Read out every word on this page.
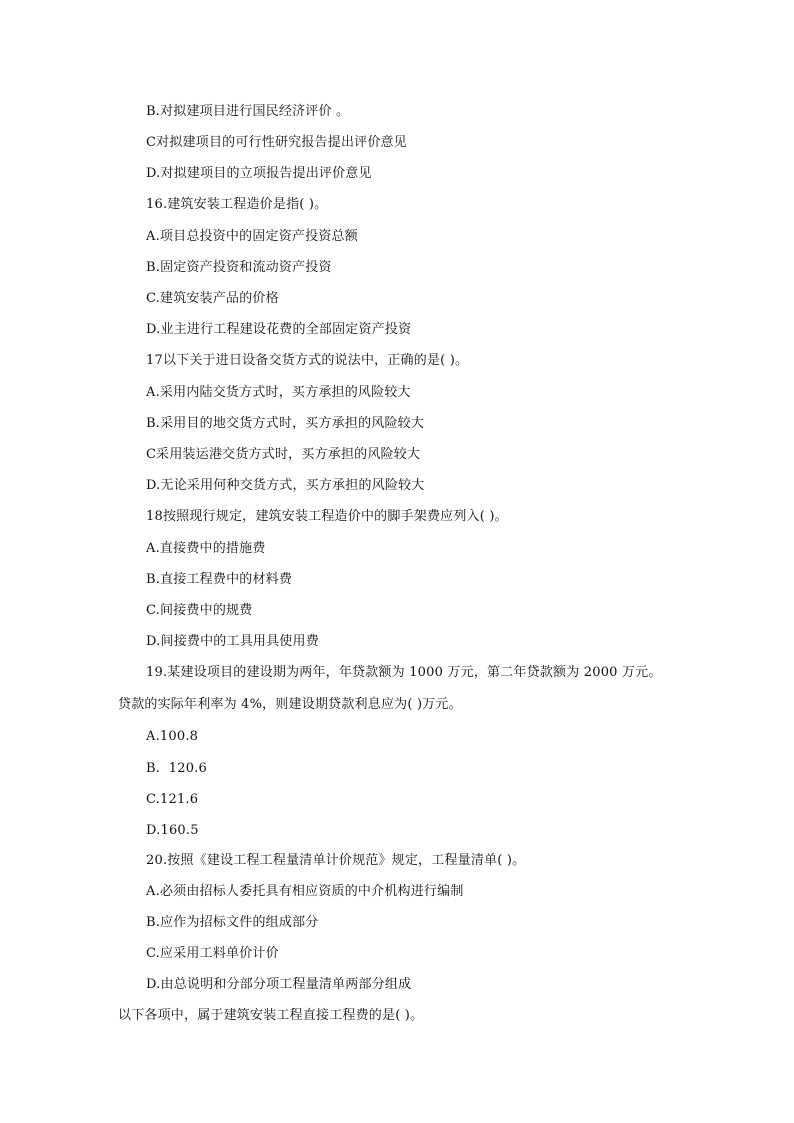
B.对拟建项目进行国民经济评价 。
C对拟建项目的可行性研究报告提出评价意见
D.对拟建项目的立项报告提出评价意见
16.建筑安装工程造价是指( )。
A.项目总投资中的固定资产投资总额
B.固定资产投资和流动资产投资
C.建筑安装产品的价格
D.业主进行工程建设花费的全部固定资产投资
17以下关于进日设备交货方式的说法中，正确的是( )。
A.采用内陆交货方式时，买方承担的风险较大
B.采用目的地交货方式时，买方承担的风险较大
C采用装运港交货方式时，买方承担的风险较大
D.无论采用何种交货方式，买方承担的风险较大
18按照现行规定，建筑安装工程造价中的脚手架费应列入( )。
A.直接费中的措施费
B.直接工程费中的材料费
C.间接费中的规费
D.间接费中的工具用具使用费
19.某建设项目的建设期为两年，年贷款额为 1000 万元，第二年贷款额为 2000 万元。
贷款的实际年利率为 4%，则建设期贷款利息应为( )万元。
A.100.8
B.  120.6
C.121.6
D.160.5
20.按照《建设工程工程量清单计价规范》规定，工程量清单( )。
A.必须由招标人委托具有相应资质的中介机构进行编制
B.应作为招标文件的组成部分
C.应采用工料单价计价
D.由总说明和分部分项工程量清单两部分组成
以下各项中，属于建筑安装工程直接工程费的是( )。
